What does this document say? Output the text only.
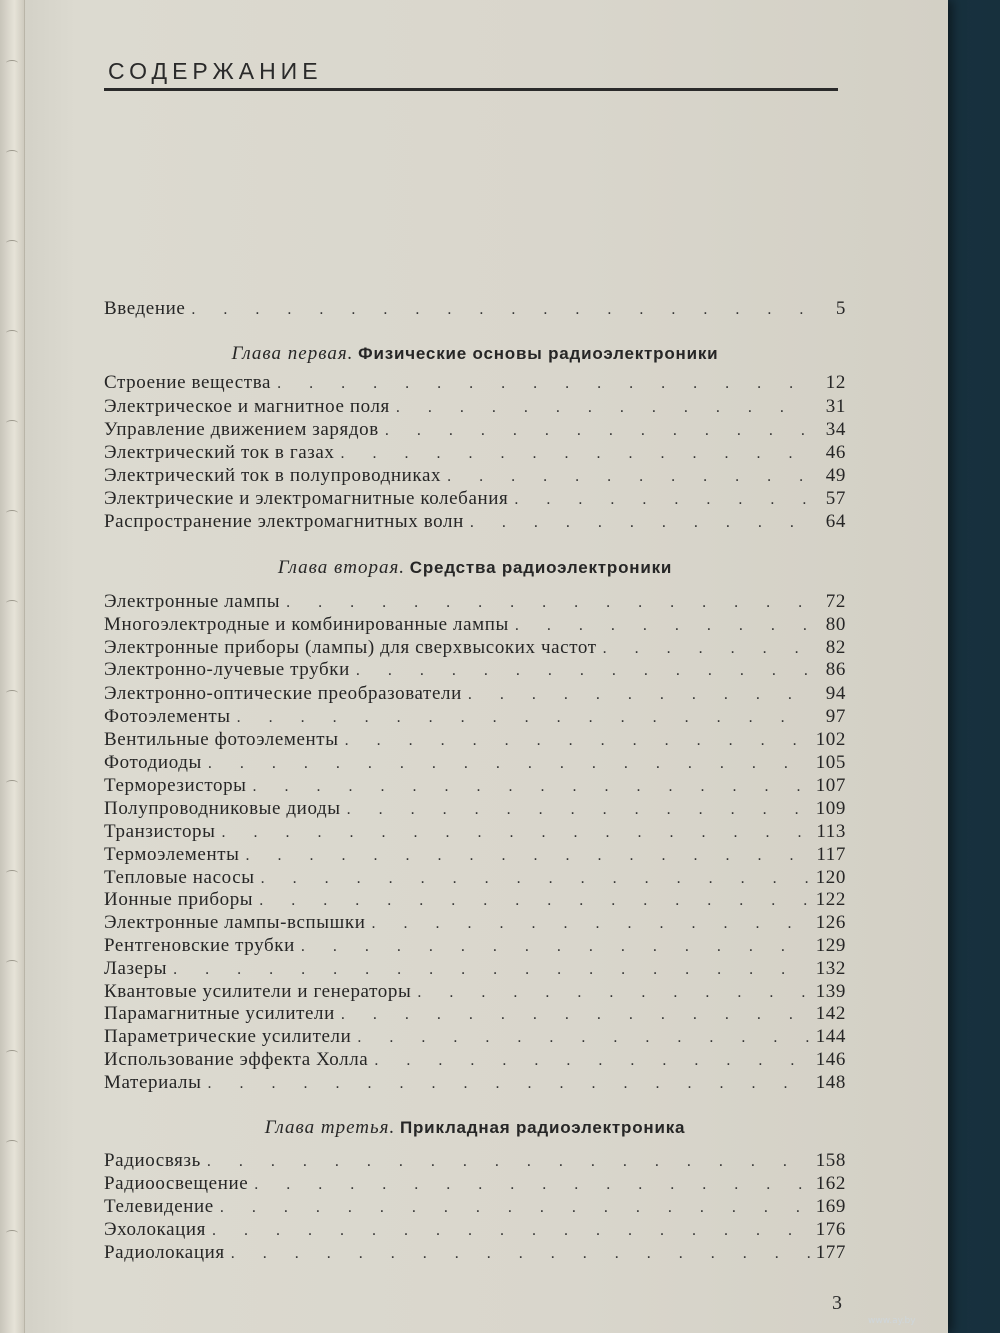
СОДЕРЖАНИЕ
Введение . . .	5
Глава первая. Физические основы радиоэлектроники
Строение вещества . . .	12
Электрическое и магнитное поля . . .	31
Управление движением зарядов . . .	34
Электрический ток в газах . . .	46
Электрический ток в полупроводниках . . .	49
Электрические и электромагнитные колебания . . .	57
Распространение электромагнитных волн . . .	64
Глава вторая. Средства радиоэлектроники
Электронные лампы . . .	72
Многоэлектродные и комбинированные лампы . . .	80
Электронные приборы (лампы) для сверхвысоких частот . . .	82
Электронно-лучевые трубки . . .	86
Электронно-оптические преобразователи . . .	94
Фотоэлементы . . .	97
Вентильные фотоэлементы . . .	102
Фотодиоды . . .	105
Терморезисторы . . .	107
Полупроводниковые диоды . . .	109
Транзисторы . . .	113
Термоэлементы . . .	117
Тепловые насосы . . .	120
Ионные приборы . . .	122
Электронные лампы-вспышки . . .	126
Рентгеновские трубки . . .	129
Лазеры . . .	132
Квантовые усилители и генераторы . . .	139
Парамагнитные усилители . . .	142
Параметрические усилители . . .	144
Использование эффекта Холла . . .	146
Материалы . . .	148
Глава третья. Прикладная радиоэлектроника
Радиосвязь . . .	158
Радиоосвещение . . .	162
Телевидение . . .	169
Эхолокация . . .	176
Радиолокация . . .	177
3
www.ay.by
